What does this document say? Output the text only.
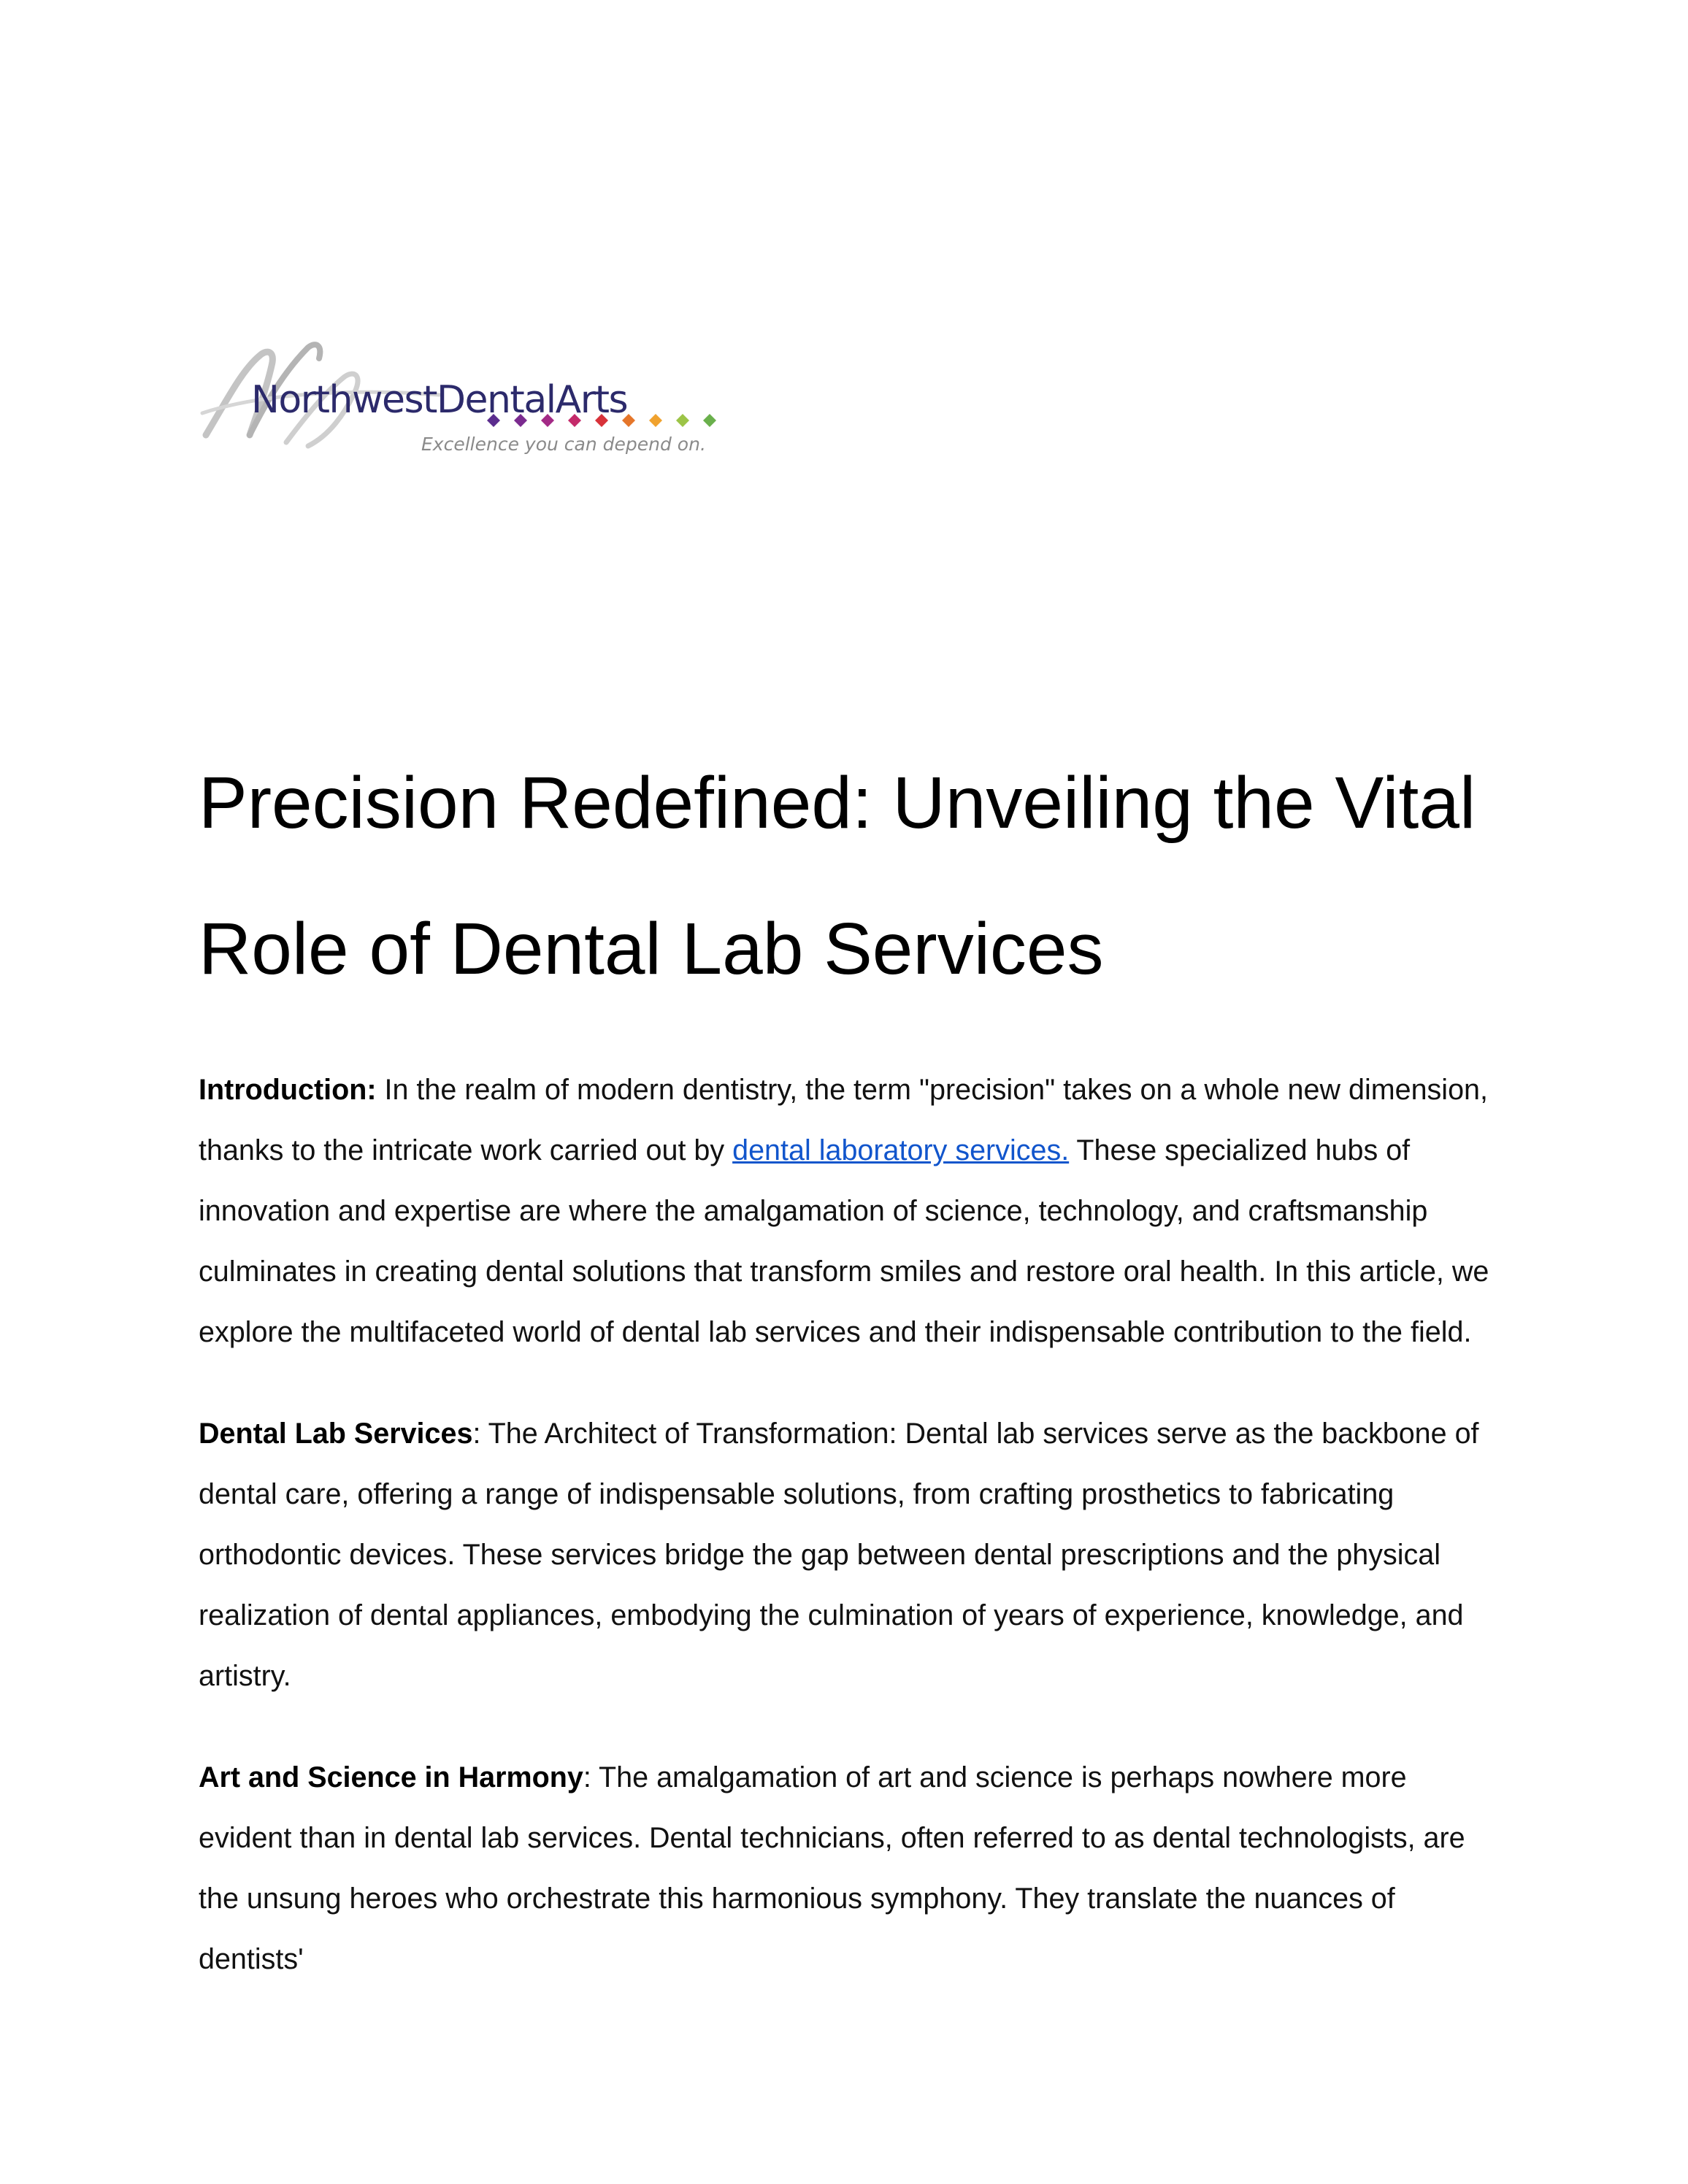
NorthwestDentalArts
Excellence you can depend on.
Precision Redefined: Unveiling the Vital
Role of Dental Lab Services

Introduction: In the realm of modern dentistry, the term "precision" takes on a whole new dimension, thanks to the intricate work carried out by dental laboratory services. These specialized hubs of innovation and expertise are where the amalgamation of science, technology, and craftsmanship culminates in creating dental solutions that transform smiles and restore oral health. In this article, we explore the multifaceted world of dental lab services and their indispensable contribution to the field.

Dental Lab Services: The Architect of Transformation: Dental lab services serve as the backbone of dental care, offering a range of indispensable solutions, from crafting prosthetics to fabricating orthodontic devices. These services bridge the gap between dental prescriptions and the physical realization of dental appliances, embodying the culmination of years of experience, knowledge, and artistry.

Art and Science in Harmony: The amalgamation of art and science is perhaps nowhere more evident than in dental lab services. Dental technicians, often referred to as dental technologists, are the unsung heroes who orchestrate this harmonious symphony. They translate the nuances of dentists'
